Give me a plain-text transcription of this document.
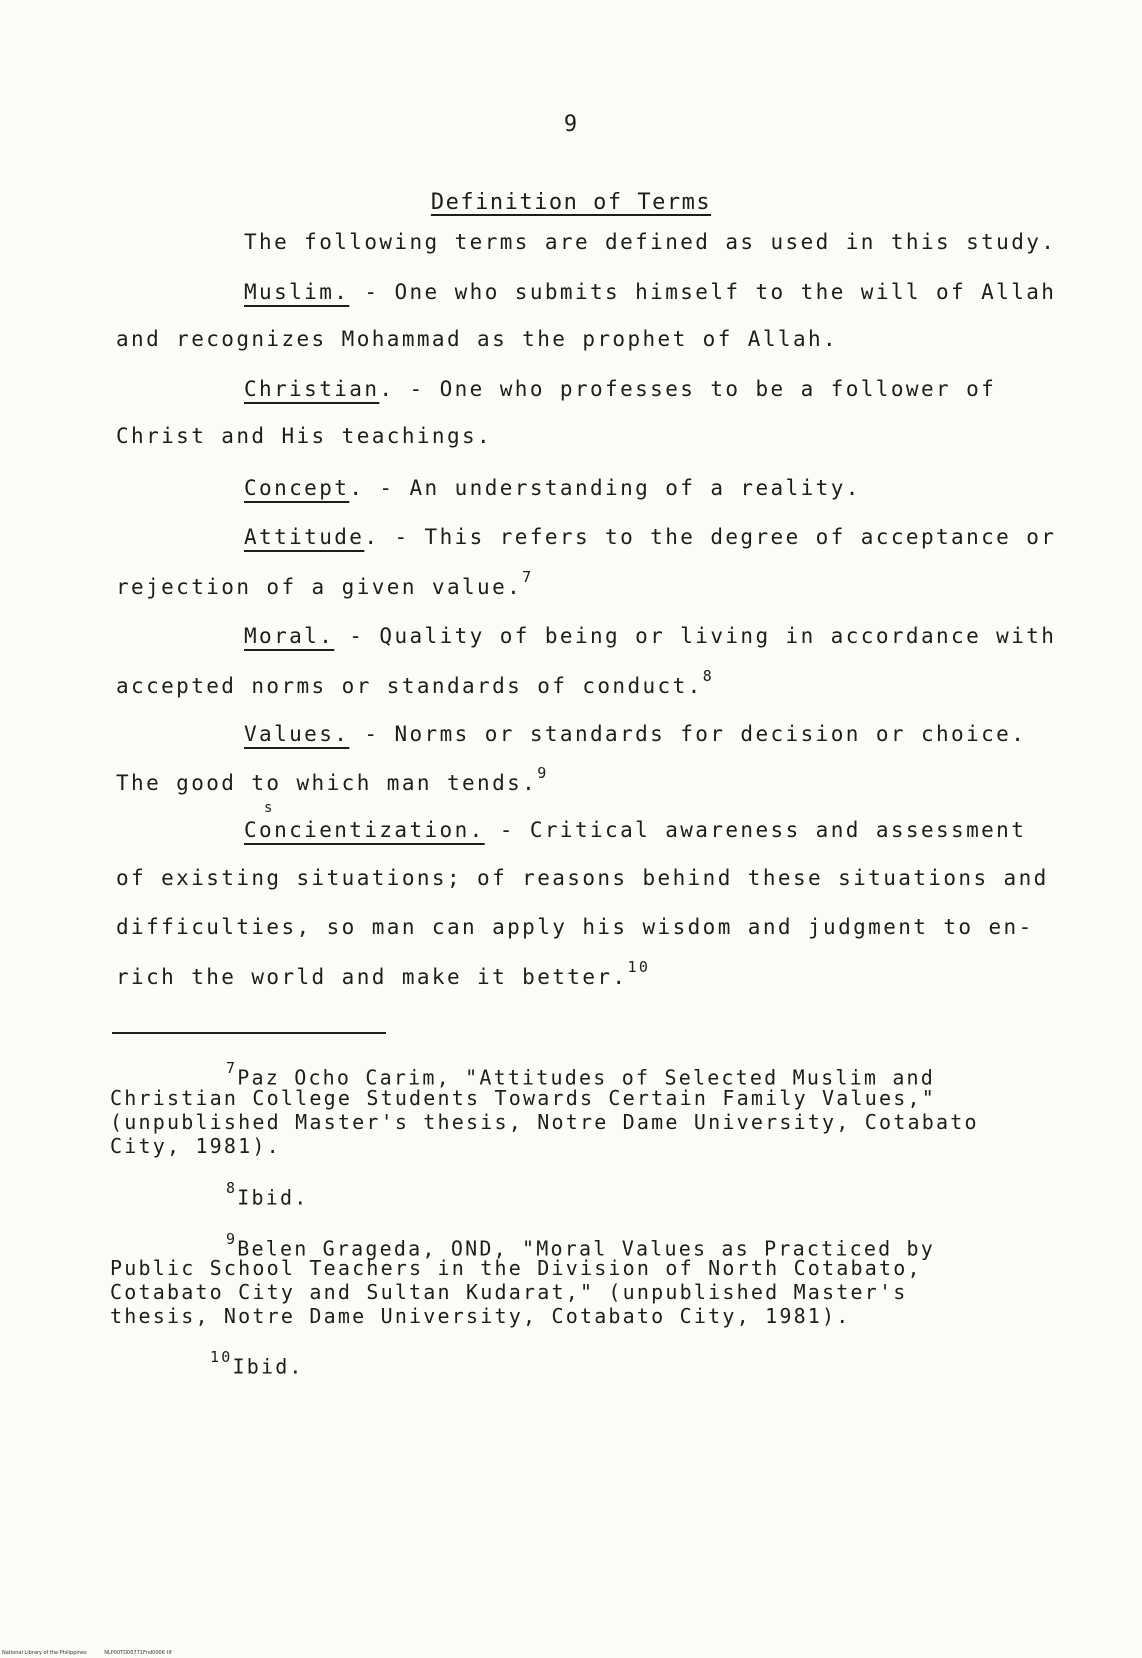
9
Definition of Terms
The following terms are defined as used in this study.
Muslim. - One who submits himself to the will of Allah
and recognizes Mohammad as the prophet of Allah.
Christian. - One who professes to be a follower of
Christ and His teachings.
Concept. - An understanding of a reality.
Attitude. - This refers to the degree of acceptance or
rejection of a given value.$^7$
Moral. - Quality of being or living in accordance with
accepted norms or standards of conduct.$^8$
Values. - Norms or standards for decision or choice.
The good to which man tends.$^9$
s
Concientization. - Critical awareness and assessment
of existing situations; of reasons behind these situations and
difficulties, so man can apply his wisdom and judgment to en-
rich the world and make it better.$^{10}$
$^7$Paz Ocho Carim, "Attitudes of Selected Muslim and
Christian College Students Towards Certain Family Values,"
(unpublished Master's thesis, Notre Dame University, Cotabato
City, 1981).
$^8$Ibid.
$^9$Belen Grageda, OND, "Moral Values as Practiced by
Public School Teachers in the Division of North Cotabato,
Cotabato City and Sultan Kudarat," (unpublished Master's
thesis, Notre Dame University, Cotabato City, 1981).
$^{10}$Ibid.
National Library of the Philippines	NLP00TD00771Fnd0006 tif
